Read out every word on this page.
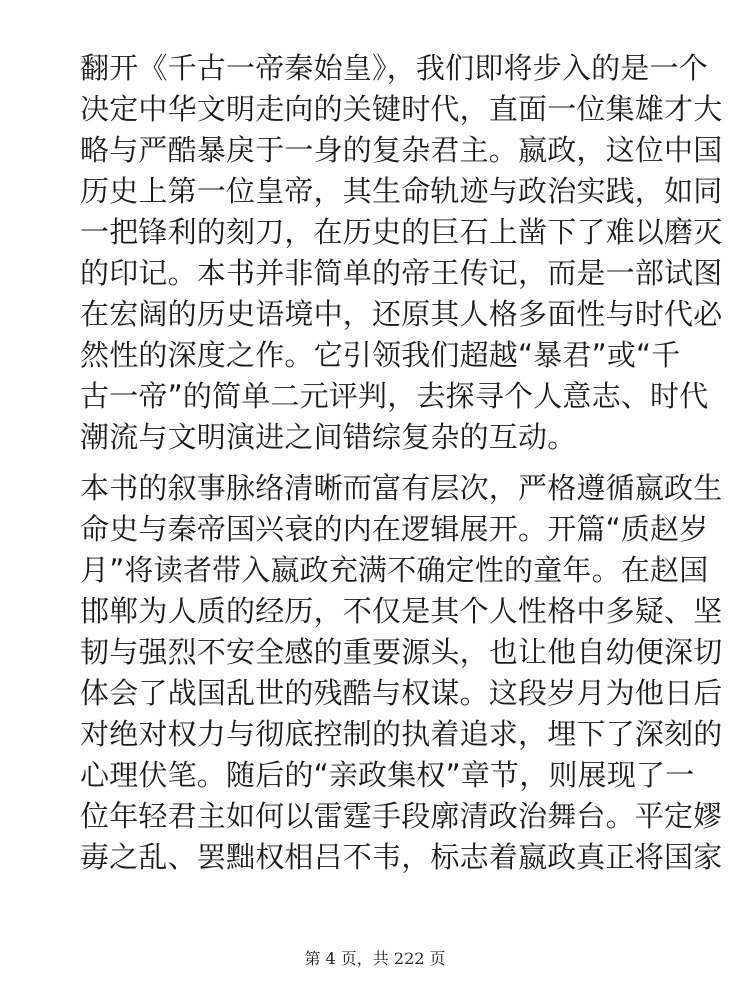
翻开《千古一帝秦始皇》，我们即将步入的是一个
决定中华文明走向的关键时代，直面一位集雄才大
略与严酷暴戾于一身的复杂君主。嬴政，这位中国
历史上第一位皇帝，其生命轨迹与政治实践，如同
一把锋利的刻刀，在历史的巨石上凿下了难以磨灭
的印记。本书并非简单的帝王传记，而是一部试图
在宏阔的历史语境中，还原其人格多面性与时代必
然性的深度之作。它引领我们超越“暴君”或“千
古一帝”的简单二元评判，去探寻个人意志、时代
潮流与文明演进之间错综复杂的互动。
本书的叙事脉络清晰而富有层次，严格遵循嬴政生
命史与秦帝国兴衰的内在逻辑展开。开篇“质赵岁
月”将读者带入嬴政充满不确定性的童年。在赵国
邯郸为人质的经历，不仅是其个人性格中多疑、坚
韧与强烈不安全感的重要源头，也让他自幼便深切
体会了战国乱世的残酷与权谋。这段岁月为他日后
对绝对权力与彻底控制的执着追求，埋下了深刻的
心理伏笔。随后的“亲政集权”章节，则展现了一
位年轻君主如何以雷霆手段廓清政治舞台。平定嫪
毐之乱、罢黜权相吕不韦，标志着嬴政真正将国家
第 4 页，共 222 页
